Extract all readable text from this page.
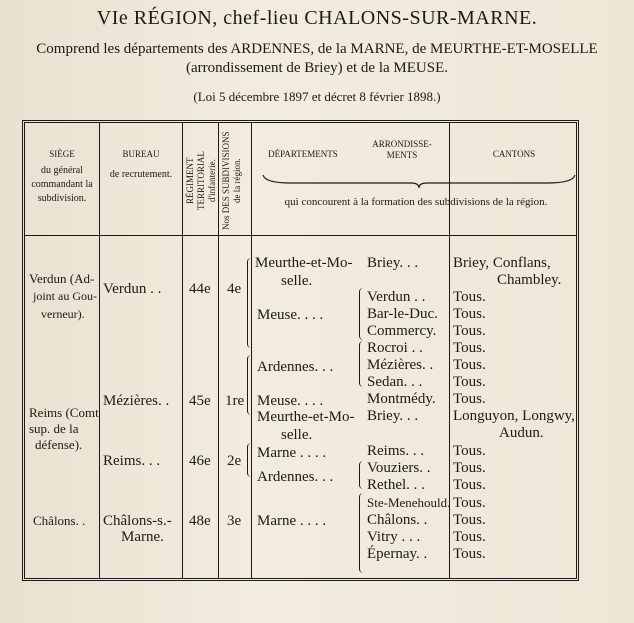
VIe RÉGION, chef-lieu CHALONS-SUR-MARNE.
Comprend les départements des ARDENNES, de la MARNE, de MEURTHE-ET-MOSELLE
(arrondissement de Briey) et de la MEUSE.
(Loi 5 décembre 1897 et décret 8 février 1898.)
SIÈGE
du général commandant la subdivision.
BUREAU
de recrutement.	RÉGIMENT TERRITORIAL d'infanterie. Nos DES SUBDIVISIONS de la région.
DÉPARTEMENTS
ARRONDISSE- MENTS	CANTONS
qui concourent à la formation des subdivisions de la région.
Verdun (Ad-
joint au Gou-
verneur).
Reims (Comt
sup. de la
défense).
Châlons. .
Verdun . .
Mézières. .
Reims. . .
Châlons-s.-
Marne.
44e
45e
46e
48e
4e
1re
2e
3e
Meurthe-et-Mo-
selle.
Meuse. . . .
Ardennes. . .
Meuse. . . .
Meurthe-et-Mo-
selle.
Marne . . . .
Ardennes. . .
Marne . . . .
Briey. . .
Verdun . .
Bar-le-Duc.
Commercy.
Rocroi . .
Mézières. .
Sedan. . .
Montmédy.
Briey. . .
Reims. . .
Vouziers. .
Rethel. . .
Ste-Menehould.
Châlons. .
Vitry . . .
Épernay. .
Briey, Conflans,
Chambley.
Tous.
Tous.
Tous.
Tous.
Tous.
Tous.
Tous.
Longuyon, Longwy,
Audun.
Tous.
Tous.
Tous.
Tous.
Tous.
Tous.
Tous.
